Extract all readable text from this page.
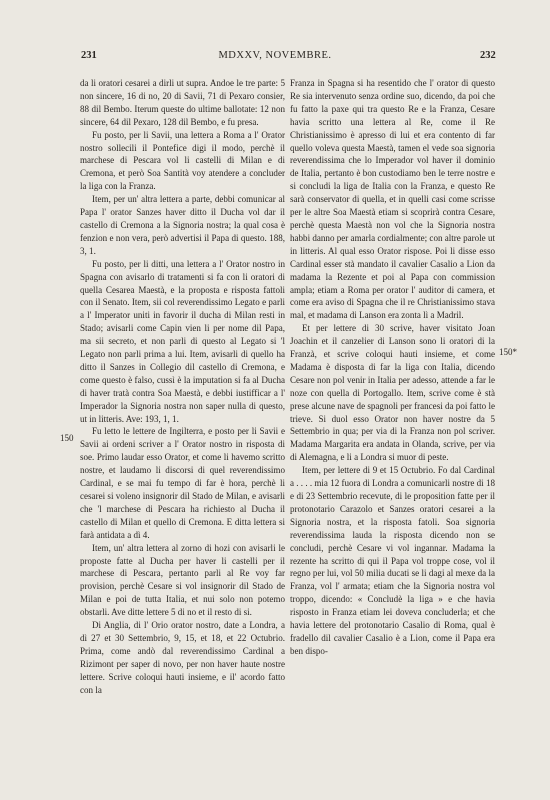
231	MDXXV, NOVEMBRE.	232
150
150*

da li oratori cesarei a dirli ut supra. Andoe le tre parte: 5 non sincere, 16 di no, 20 di Savii, 71 di Pexaro consier, 88 dil Bembo. Iterum queste do ultime ballotate: 12 non sincere, 64 dil Pexaro, 128 dil Bembo, e fu presa.

Fu posto, per li Savii, una lettera a Roma a l' Orator nostro sollecili il Pontefice digi il modo, perchè il marchese di Pescara vol li castelli di Milan e di Cremona, et però Soa Santità voy atendere a concluder la liga con la Franza.

Item, per un' altra lettera a parte, debbi comunicar al Papa l' orator Sanzes haver ditto il Ducha vol dar il castello di Cremona a la Signoria nostra; la qual cosa è fenzion e non vera, però advertisi il Papa di questo. 188, 3, 1.

Fu posto, per li ditti, una lettera a l' Orator nostro in Spagna con avisarlo di tratamenti si fa con li oratori di quella Cesarea Maestà, e la proposta e risposta fattoli con il Senato. Item, sii col reverendissimo Legato e parli a l' Imperator uniti in favorir il ducha di Milan resti in Stado; avisarli come Capin vien li per nome dil Papa, ma sii secreto, et non parli di questo al Legato si 'l Legato non parli prima a lui. Item, avisarli di quello ha ditto il Sanzes in Collegio dil castello di Cremona, e come questo è falso, cussì è la imputation si fa al Ducha di haver tratà contra Soa Maestà, e debbi iustifficar a l' Imperador la Signoria nostra non saper nulla di questo, ut in litteris. Ave: 193, 1, 1.

Fu letto le lettere de Ingilterra, e posto per li Savii e Savii ai ordeni scriver a l' Orator nostro in risposta di soe. Primo laudar esso Orator, et come li havemo scritto nostre, et laudamo li discorsi di quel reverendissimo Cardinal, e se mai fu tempo di far è hora, perchè li cesarei si voleno insignorir dil Stado de Milan, e avisarli che 'l marchese di Pescara ha richiesto al Ducha il castello di Milan et quello di Cremona. E ditta lettera si farà antidata a dì 4.

Item, un' altra lettera al zorno di hozi con avisarli le proposte fatte al Ducha per haver li castelli per il marchese di Pescara, pertanto parli al Re voy far provision, perchè Cesare si vol insignorir dil Stado de Milan e poi de tutta Italia, et nui solo non potemo obstarli. Ave ditte lettere 5 di no et il resto di si.

Di Anglia, di l' Orio orator nostro, date a Londra, a dì 27 et 30 Settembrio, 9, 15, et 18, et 22 Octubrio. Prima, come andò dal reverendissimo Cardinal a Rizimont per saper di novo, per non haver haute nostre lettere. Scrive coloqui hauti insieme, e il' acordo fatto con la

Franza in Spagna si ha resentido che l' orator di questo Re sia intervenuto senza ordine suo, dicendo, da poi che fu fatto la paxe qui tra questo Re e la Franza, Cesare havia scritto una lettera al Re, come il Re Christianissimo è apresso di lui et era contento di far quello voleva questa Maestà, tamen el vede soa signoria reverendissima che lo Imperador vol haver il dominio de Italia, pertanto è bon custodiamo ben le terre nostre e si concludi la liga de Italia con la Franza, e questo Re sarà conservator di quella, et in quelli casi come scrisse per le altre Soa Maestà etiam si scoprirà contra Cesare, perchè questa Maestà non vol che la Signoria nostra habbi danno per amarla cordialmente; con altre parole ut in litteris. Al qual esso Orator rispose. Poi li disse esso Cardinal esser stà mandato il cavalier Casalio a Lion da madama la Rezente et poi al Papa con commission ampla; etiam a Roma per orator l' auditor di camera, et come era aviso di Spagna che il re Christianissimo stava mal, et madama di Lanson era zonta lì a Madril.

Et per lettere di 30 scrive, haver visitato Joan Joachin et il canzelier di Lanson sono li oratori di la Franzà, et scrive coloqui hauti insieme, et come Madama è disposta di far la liga con Italia, dicendo Cesare non pol venir in Italia per adesso, attende a far le noze con quella di Portogallo. Item, scrive come è stà prese alcune nave de spagnoli per francesi da poi fatto le trieve. Si duol esso Orator non haver nostre da 5 Settembrio in qua; per via di la Franza non pol scriver. Madama Margarita era andata in Olanda, scrive, per via di Alemagna, e li a Londra si muor di peste.

Item, per lettere di 9 et 15 Octubrio. Fo dal Cardinal a . . . . mia 12 fuora di Londra a comunicarli nostre di 18 e di 23 Settembrio recevute, di le proposition fatte per il protonotario Carazolo et Sanzes oratori cesarei a la Signoria nostra, et la risposta fatoli. Soa signoria reverendissima lauda la risposta dicendo non se concludi, perchè Cesare vi vol ingannar. Madama la rezente ha scritto di qui il Papa vol troppe cose, vol il regno per lui, vol 50 milia ducati se li dagi al mexe da la Franza, vol l' armata; etiam che la Signoria nostra vol troppo, dicendo: « Concludè la liga » e che havia risposto in Franza etiam lei doveva concluderla; et che havia lettere del protonotario Casalio di Roma, qual è fradello dil cavalier Casalio è a Lion, come il Papa era ben dispo-
